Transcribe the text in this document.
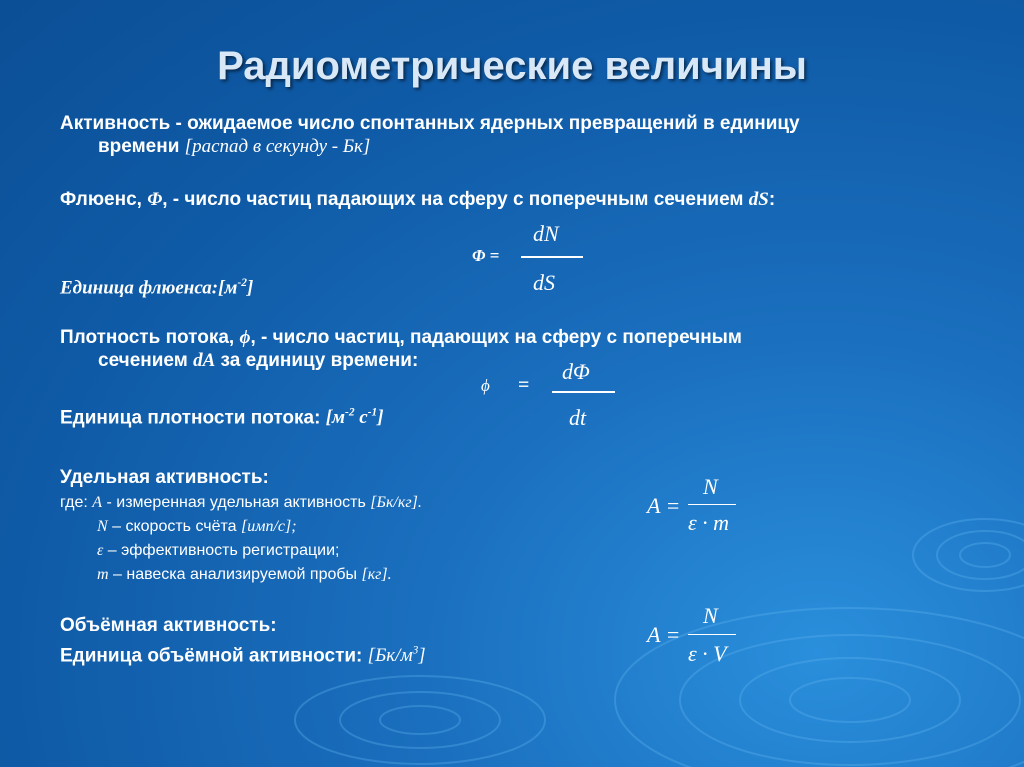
Радиометрические величины
Активность - ожидаемое число спонтанных ядерных превращений в единицу
времени [распад в секунду - Бк]
Флюенс, Φ, - число частиц падающих на сферу с поперечным сечением dS:
Φ =
dN
dS
Единица $флюенса:[м^{-2}]$
Плотность потока, ϕ, - число частиц, падающих на сферу с поперечным
сечением dA за единицу времени:
ϕ =
dΦ
dt
Единица плотности потока: [$м^{-2}$ $с^{-1}$]
Удельная активность:
где: A - измеренная удельная активность [Бк/кг].
N – скорость счёта [имп/с];
ε – эффективность регистрации;
m – навеска анализируемой пробы [кг].
A =
N
ε · m
Объёмная активность:
Единица объёмной активности: $[Бк/м^3]$
A =
N
ε · V
